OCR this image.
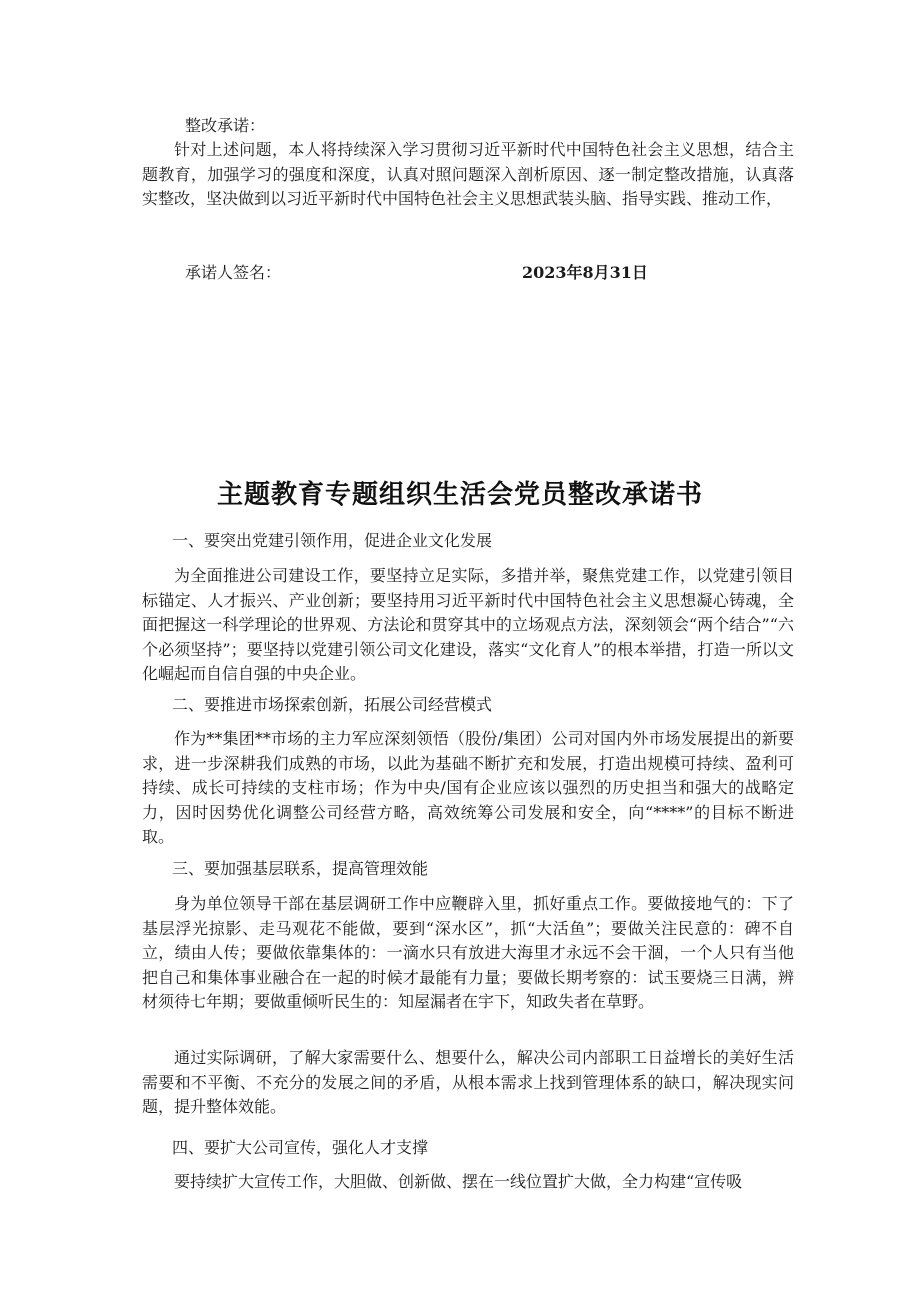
整改承诺：

针对上述问题，本人将持续深入学习贯彻习近平新时代中国特色社会主义思想，结合主题教育，加强学习的强度和深度，认真对照问题深入剖析原因、逐一制定整改措施，认真落实整改，坚决做到以习近平新时代中国特色社会主义思想武装头脑、指导实践、推动工作，

承诺人签名：	2023年8月31日
主题教育专题组织生活会党员整改承诺书
一、要突出党建引领作用，促进企业文化发展

为全面推进公司建设工作，要坚持立足实际，多措并举，聚焦党建工作，以党建引领目标锚定、人才振兴、产业创新；要坚持用习近平新时代中国特色社会主义思想凝心铸魂，全面把握这一科学理论的世界观、方法论和贯穿其中的立场观点方法，深刻领会“两个结合”“六个必须坚持”；要坚持以党建引领公司文化建设，落实“文化育人”的根本举措，打造一所以文化崛起而自信自强的中央企业。

二、要推进市场探索创新，拓展公司经营模式

作为**集团**市场的主力军应深刻领悟（股份/集团）公司对国内外市场发展提出的新要求，进一步深耕我们成熟的市场，以此为基础不断扩充和发展，打造出规模可持续、盈利可持续、成长可持续的支柱市场；作为中央/国有企业应该以强烈的历史担当和强大的战略定力，因时因势优化调整公司经营方略，高效统筹公司发展和安全，向“****”的目标不断进取。

三、要加强基层联系，提高管理效能

身为单位领导干部在基层调研工作中应鞭辟入里，抓好重点工作。要做接地气的：下了基层浮光掠影、走马观花不能做，要到“深水区”，抓“大活鱼”；要做关注民意的：碑不自立，绩由人传；要做依靠集体的：一滴水只有放进大海里才永远不会干涸，一个人只有当他把自己和集体事业融合在一起的时候才最能有力量；要做长期考察的：试玉要烧三日满，辨材须待七年期；要做重倾听民生的：知屋漏者在宇下，知政失者在草野。

通过实际调研，了解大家需要什么、想要什么，解决公司内部职工日益增长的美好生活需要和不平衡、不充分的发展之间的矛盾，从根本需求上找到管理体系的缺口，解决现实问题，提升整体效能。

四、要扩大公司宣传，强化人才支撑

要持续扩大宣传工作，大胆做、创新做、摆在一线位置扩大做，全力构建“宣传吸
